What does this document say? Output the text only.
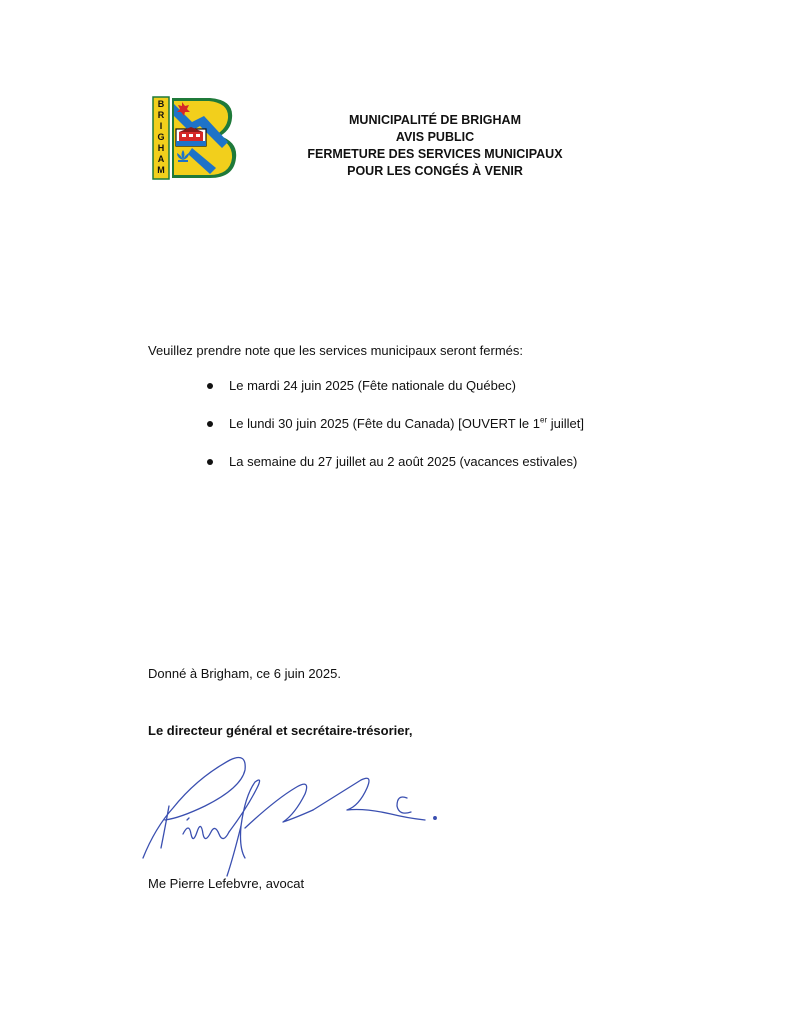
B
R
I
G
H
A
M
MUNICIPALITÉ DE BRIGHAM
AVIS PUBLIC
FERMETURE DES SERVICES MUNICIPAUX
POUR LES CONGÉS À VENIR
Veuillez prendre note que les services municipaux seront fermés:
Le mardi 24 juin 2025 (Fête nationale du Québec)
Le lundi 30 juin 2025 (Fête du Canada) [OUVERT le 1er juillet]
La semaine du 27 juillet au 2 août 2025 (vacances estivales)
Donné à Brigham, ce 6 juin 2025.
Le directeur général et secrétaire-trésorier,
Me Pierre Lefebvre, avocat
